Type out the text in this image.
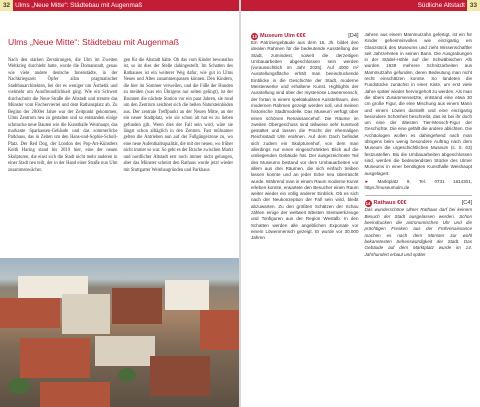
32 Ulms „Neue Mitte“: Städtebau mit Augenmaß
Ulms „Neue Mitte“: Städtebau mit Augenmaß

Nach den starken Zerstörungen, die Ulm im Zweiten Weltkrieg durchlebt hatte, wurde die Domanstadt, genau wie viele andere deutsche Innenstädte, in der Nachkriegszeit Öpfer allzu pragmatischer Stadtbauarchitekten, bei der es weniger um Ästhetik und vielmehr um Autofreundlichkeit ging. Wie ein Schwert durchschnitt die Neue Straße die Altstadt und trennte das Münster vom Fischerviertel und dem Rathausplatz ab. Zu Beginn der 2000er Jahre war der Zeitpunkt gekommen, Ulms Zentrum neu zu gestalten und so entstanden einige schmucke neue Bauten wie die Kunsthalle Weishaupt, das markante Sparkassen-Gebäude und das sommerliche Parkhaus, das in Zeiten um den Hans-und-Sophie-Scholl-Platz. Der Red Dog, der London des Pop-Art-Künstlers Keith Haring stand bis 2019 hier, eine der neuen Skulpturen, die einst sich die Stadt nicht mehr anderen in einer Stadt neu teilt, der in der Hand einer Straße nun Ulm zusammenwächst.

gen für die Altstadt hätte. Ob das vom Kinder bewusstlos ist, so ist dies der Stelle dahingestellt. Im Schatten des Rathauses ist ein weiterer Weg dafur, wie gut in Ulms Neues und Altes zusammenpassen können. Den Kindern, die hier im Sommer verweilen, und die Füße der Hunden zu meiden (was ein Übrigens nur selten gelingt), ist der Brunnen die nächste Station vor ein paar Jahren, sie rund um den Zentrum zeichnet sich die hellen Natursteinböden aus. Der zentrale Treffpunkt an der Neuen Mitte, an der ein neuer Stadtplatz, wie sie schon alt hat es zu lieben gefunden gilt. Wenn dies der Fall sein wird, wäre sie längst schon alltäglich in den Zentren. Fast mühsamer gelten die Antrieben nun auf der Fußgängerzone zu, wo eine neue Aufenthaltsqualität, die mit der neuen, wo früher nicht immer so war. So geht es der Brache zwischen Markt und nordlicher Altstadt erst noch immer nicht gelungen, aber das Münster scheint den Rathaus wurde jetzt wieder mit Stuttgarter Weinbaugründen und Parkhaus.

Südliche Altstadt 33
13 Museum Ulm
€€€	[D4]

Ein Patriziergebäude aus dem 15. Jh. bildet den idealen Rahmen für die bedeutende Ausstellung der Stadt, zumindest, soweit die derzeitigen Umbauarbeiten abgeschlossen sein werden (voraussichtlich im Jahr 2025). Auf 4000 m² Ausstellungsfläche erhält man beeindruckende Einblicke in die Geschichte der Stadt, moderne Meisterwerke und erhaltene Kunst. Highlights der Ausstellung sind über der mysteriöse Löwenmensch, der fortan in einem spektakulären Ausstellraum, den modernen Rahmen gezeigt werden soll, und meinen historische Stadtmodelle. Das Museum verfügt über einen schönen Renaissancehof. Die Räume im zweiten Obergeschoss sind teilweise sehr kunstvoll gestaltet und lassen die Pracht der ehemaligen Reichsstadt Ulm erahnen. Auf dem Dach befindet sich zudem ein Skulpturenhof, von dem man allerdings nur einen eingeschränkten Blick auf die umliegenden Gebäude hat. Der ausgezeichnete Teil des Museums bestand vor dem Umbauarbeiten vor allem aus drei Räumen, die sich einfach treiben lassen konnte und an jeder Ecke neu überrascht wurde. Während man in einem Raum moderne Kunst erleben konnte, erwartete den Besucher einen Raum weiter wieder ein völlig anderer Einblick. Ob es sich nach der Neukonzeption der Fall sein wird, bleibt abzuwarten. Zu den größten Schätzen der Schau zählen einige der weltweit ältesten Steinwerkzeuge und Tonfiguren aus der Region Westalb. In den Schatten werden alle angeblichen Exponate vor einem Löwenmensch gezeigt. Er wurde vor 30.000 Jahren

Jahren aus einem Mammutzahn gefertigt, ist ein für Kinder geheimnisvolles wie einzigartig ein Glanzstück des Museums und zieht Wissenschaftler seit Jahrzehnten in seinen Bann. Die Ausgrabungen in der Städel-Höhle auf der Schwäbischen Alb wurden 1939 mehrere Schnitzarbeiten aus Mammutzahn gefunden, deren Bedeutung man nicht recht einschätzen konnte. So landeten die Fundstücke zunächst in einer Kiste, um erst viele Jahre später wieder hervorgeholt zu werden. Als man die übers Zusammensetzte, entstand eine etwa 30 cm große Figur, die eine Mischung aus einem Mann und einem Löwen darstellt und eine einzigartig besondere Schönheit beschreibt, das ist bei ihr doch um eine der ältesten Tier-Mensch-Figur der Geschichte. Die eine gefällt die andere ablichten. Die Archäologen wollen es dahingehend nach man übrigens beim wenig besondere Auftrag nach dem Museum die urgeschichtlichen Museum (s. S. 63) festzustellen. Bis die Umbauarbeiten abgeschlossen sind, werden die bedeutendsten Stücke des Ulmer Museums in einer benötigten Kunsthalle Weishaupt ausgelagert.

► Marktplatz 9, Tel. 0731 1614301, https://museumulm.de
14 Rathaus
€€€	[C4]

Das wunderschöne Ulmer Rathaus darf bei keinem Besuch der Stadt ausgelassen werden. Schon beeindrucken die astronomischen Uhr und die prächtigen Fresken aus der Frührenaissance machen es nach dem Münster zur wohl bekanntesten Sehenswürdigkeit der Stadt. Das Gebäude auf dem Marktplatz wurde im 14. Jahrhundert erbaut und später
